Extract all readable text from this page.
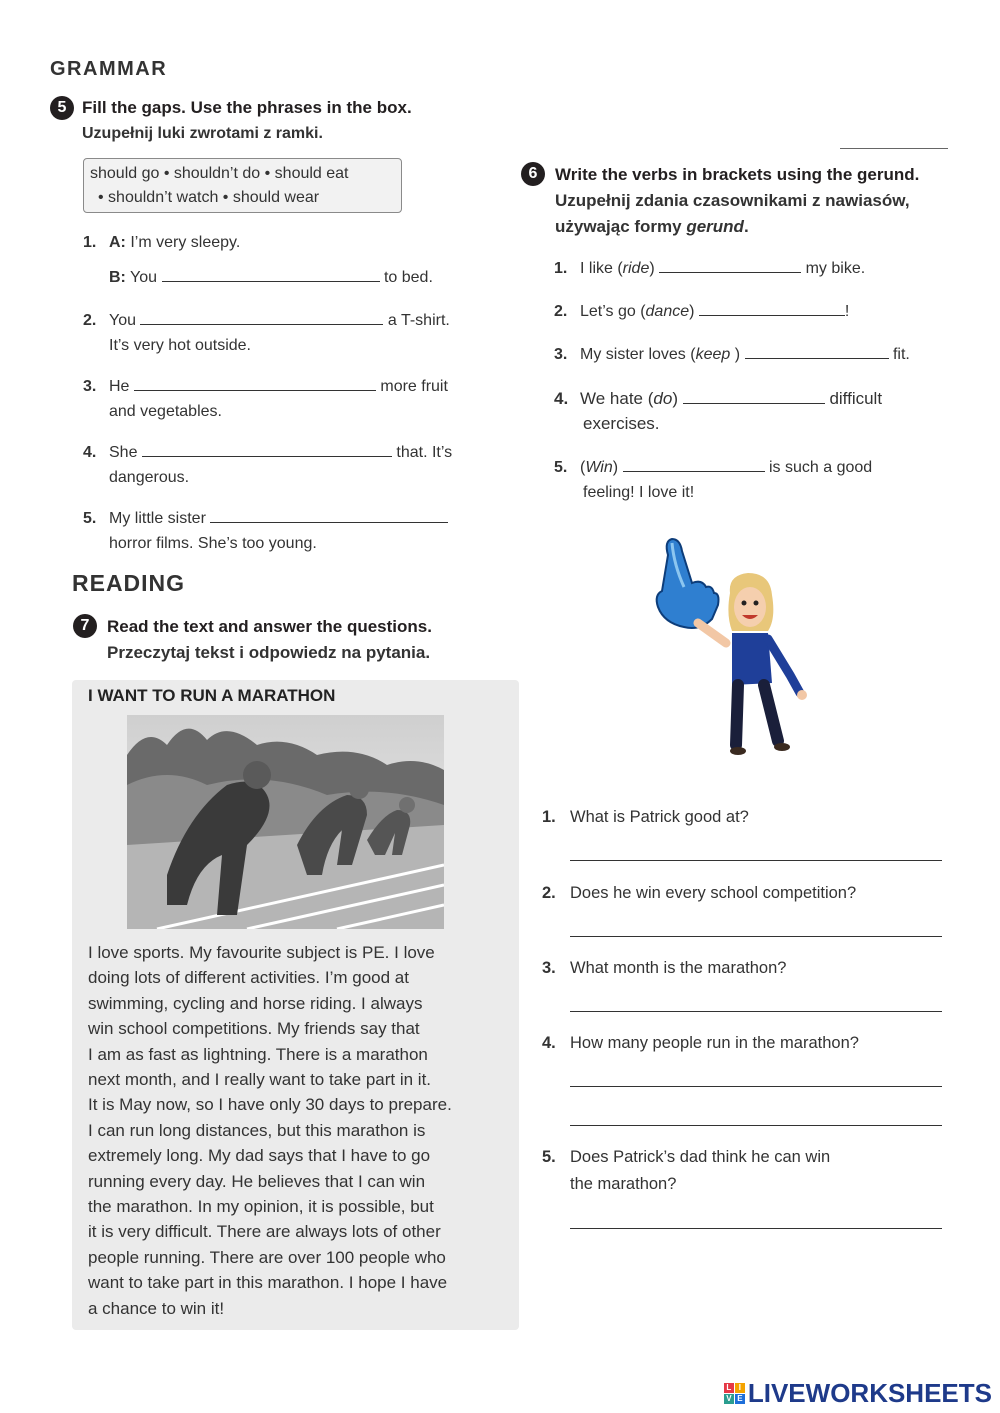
GRAMMAR
5 Fill the gaps. Use the phrases in the box.
Uzupełnij luki zwrotami z ramki.
should go • shouldn’t do • should eat
• shouldn’t watch • should wear
1. A: I’m very sleepy.
B: You	to bed.
2. You	a T-shirt.
It’s very hot outside.
3. He	more fruit
and vegetables.
4. She	that. It’s
dangerous.
5. My little sister
horror films. She’s too young.
6	Write the verbs in brackets using the gerund.
Uzupełnij zdania czasownikami z nawiasów,
używając formy gerund.
1. I like (ride)	my bike.
2. Let’s go (dance)	!
3. My sister loves (keep )	fit.
4. We hate (do)	difficult
exercises.
5. (Win)	is such a good
feeling! I love it!
READING
7	Read the text and answer the questions.
Przeczytaj tekst i odpowiedz na pytania.
I WANT TO RUN A MARATHON
I love sports. My favourite subject is PE. I love
doing lots of different activities. I’m good at
swimming, cycling and horse riding. I always
win school competitions. My friends say that
I am as fast as lightning. There is a marathon
next month, and I really want to take part in it.
It is May now, so I have only 30 days to prepare.
I can run long distances, but this marathon is
extremely long. My dad says that I have to go
running every day. He believes that I can win
the marathon. In my opinion, it is possible, but
it is very difficult. There are always lots of other
people running. There are over 100 people who
want to take part in this marathon. I hope I have
a chance to win it!
1. What is Patrick good at?
2. Does he win every school competition?
3. What month is the marathon?
4. How many people run in the marathon?
5. Does Patrick’s dad think he can win
the marathon?
L I
V E LIVEWORKSHEETS
